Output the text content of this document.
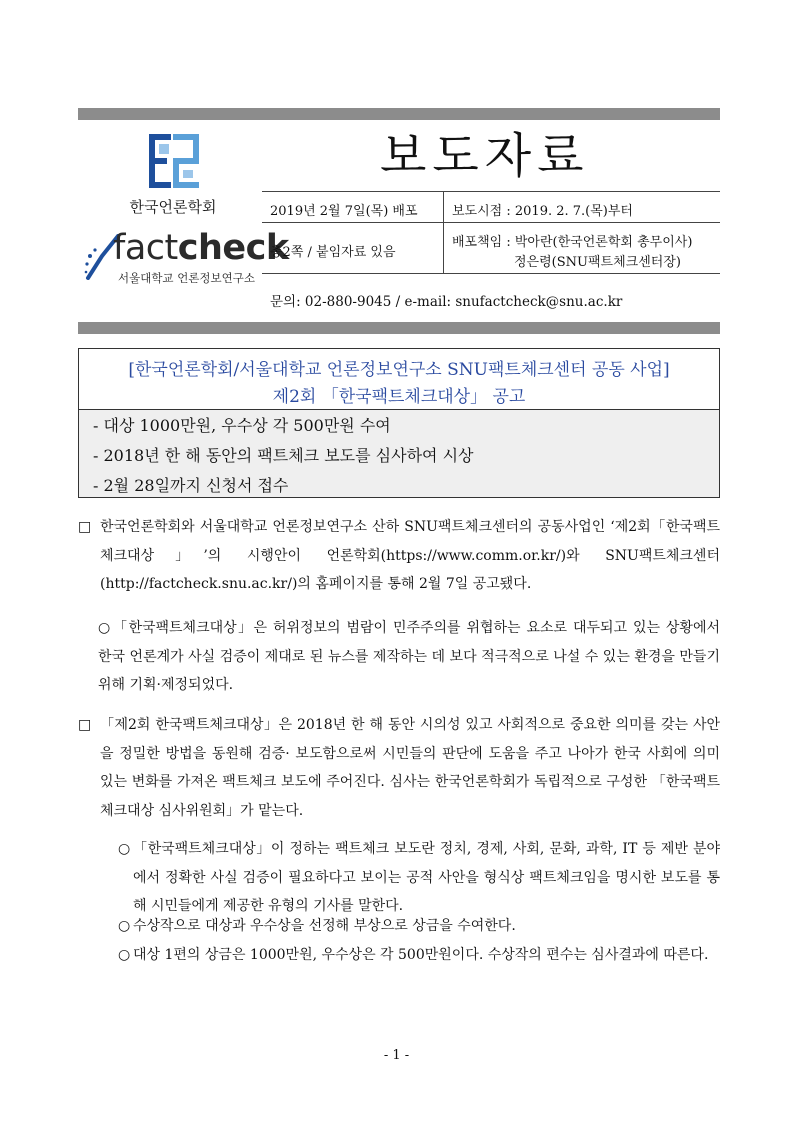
한국언론학회
factcheck
서울대학교 언론정보연구소
보도자료
2019년 2월 7일(목) 배포	보도시점 : 2019. 2. 7.(목)부터
총2쪽 / 붙임자료 있음
배포책임 : 박아란(한국언론학회 총무이사)
정은령(SNU팩트체크센터장)
문의: 02-880-9045 / e-mail: snufactcheck@snu.ac.kr
[한국언론학회/서울대학교 언론정보연구소 SNU팩트체크센터 공동 사업]
제2회 「한국팩트체크대상」 공고
- 대상 1000만원, 우수상 각 500만원 수여
- 2018년 한 해 동안의 팩트체크 보도를 심사하여 시상
- 2월 28일까지 신청서 접수
□ 한국언론학회와 서울대학교 언론정보연구소 산하 SNU팩트체크센터의 공동사업인 ‘제2회「한국팩트체크대상」’의 시행안이 언론학회(https://www.comm.or.kr/)와 SNU팩트체크센터(http://factcheck.snu.ac.kr/)의 홈페이지를 통해 2월 7일 공고됐다.
○ 「한국팩트체크대상」은 허위정보의 범람이 민주주의를 위협하는 요소로 대두되고 있는 상황에서 한국 언론계가 사실 검증이 제대로 된 뉴스를 제작하는 데 보다 적극적으로 나설 수 있는 환경을 만들기 위해 기획·제정되었다.
□ 「제2회 한국팩트체크대상」은 2018년 한 해 동안 시의성 있고 사회적으로 중요한 의미를 갖는 사안을 정밀한 방법을 동원해 검증· 보도함으로써 시민들의 판단에 도움을 주고 나아가 한국 사회에 의미 있는 변화를 가져온 팩트체크 보도에 주어진다. 심사는 한국언론학회가 독립적으로 구성한 「한국팩트체크대상 심사위원회」가 맡는다.
○ 「한국팩트체크대상」이 정하는 팩트체크 보도란 정치, 경제, 사회, 문화, 과학, IT 등 제반 분야에서 정확한 사실 검증이 필요하다고 보이는 공적 사안을 형식상 팩트체크임을 명시한 보도를 통해 시민들에게 제공한 유형의 기사를 말한다.
○ 수상작으로 대상과 우수상을 선정해 부상으로 상금을 수여한다.
○ 대상 1편의 상금은 1000만원, 우수상은 각 500만원이다. 수상작의 편수는 심사결과에 따른다.
- 1 -
